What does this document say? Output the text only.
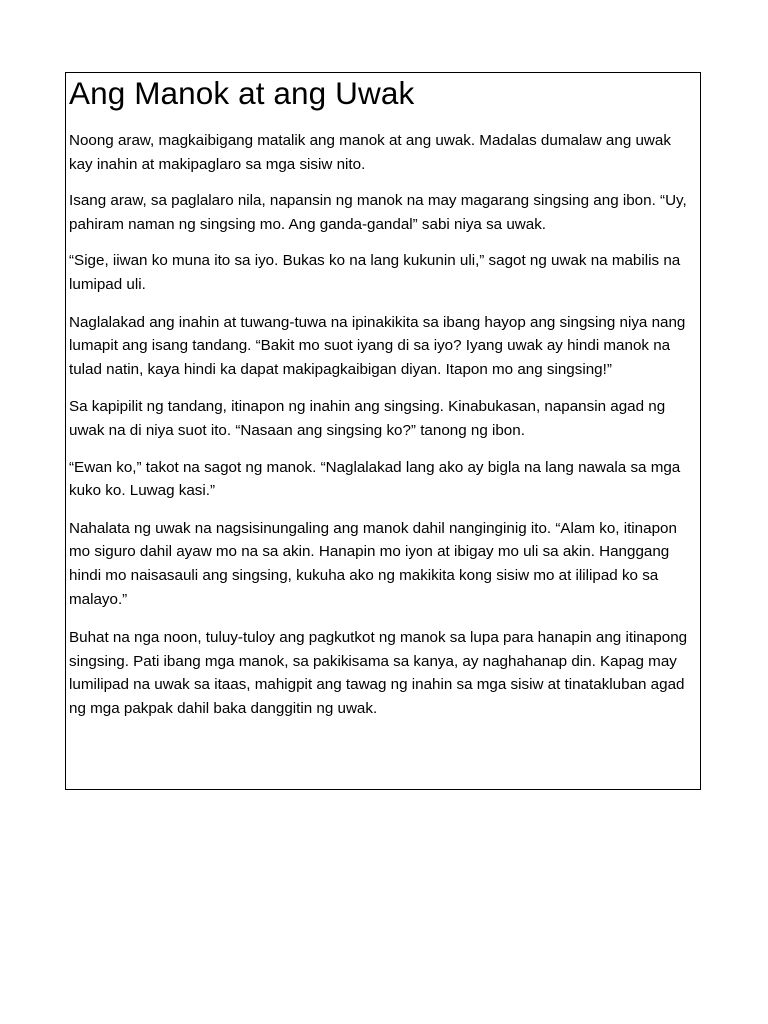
Ang Manok at ang Uwak

Noong araw, magkaibigang matalik ang manok at ang uwak. Madalas dumalaw ang uwak kay inahin at makipaglaro sa mga sisiw nito.

Isang araw, sa paglalaro nila, napansin ng manok na may magarang singsing ang ibon. “Uy, pahiram naman ng singsing mo. Ang ganda-gandal” sabi niya sa uwak.

“Sige, iiwan ko muna ito sa iyo. Bukas ko na lang kukunin uli,” sagot ng uwak na mabilis na lumipad uli.

Naglalakad ang inahin at tuwang-tuwa na ipinakikita sa ibang hayop ang singsing niya nang lumapit ang isang tandang. “Bakit mo suot iyang di sa iyo? Iyang uwak ay hindi manok na tulad natin, kaya hindi ka dapat makipagkaibigan diyan. Itapon mo ang singsing!”

Sa kapipilit ng tandang, itinapon ng inahin ang singsing. Kinabukasan, napansin agad ng uwak na di niya suot ito. “Nasaan ang singsing ko?” tanong ng ibon.

“Ewan ko,” takot na sagot ng manok. “Naglalakad lang ako ay bigla na lang nawala sa mga kuko ko. Luwag kasi.”

Nahalata ng uwak na nagsisinungaling ang manok dahil nanginginig ito. “Alam ko, itinapon mo siguro dahil ayaw mo na sa akin. Hanapin mo iyon at ibigay mo uli sa akin. Hanggang hindi mo naisasauli ang singsing, kukuha ako ng makikita kong sisiw mo at ililipad ko sa malayo.”

Buhat na nga noon, tuluy-tuloy ang pagkutkot ng manok sa lupa para hanapin ang itinapong singsing. Pati ibang mga manok, sa pakikisama sa kanya, ay naghahanap din. Kapag may lumilipad na uwak sa itaas, mahigpit ang tawag ng inahin sa mga sisiw at tinatakluban agad ng mga pakpak dahil baka danggitin ng uwak.
